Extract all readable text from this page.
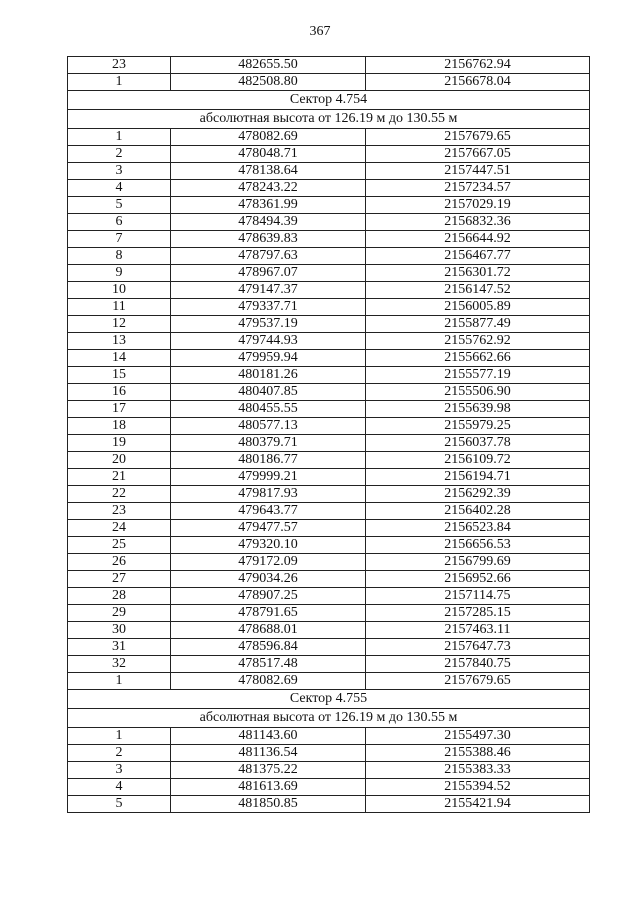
367
23	482655.50	2156762.94
1	482508.80	2156678.04
Сектор 4.754		
абсолютная высота от 126.19 м до 130.55 м		
1	478082.69	2157679.65
2	478048.71	2157667.05
3	478138.64	2157447.51
4	478243.22	2157234.57
5	478361.99	2157029.19
6	478494.39	2156832.36
7	478639.83	2156644.92
8	478797.63	2156467.77
9	478967.07	2156301.72
10	479147.37	2156147.52
11	479337.71	2156005.89
12	479537.19	2155877.49
13	479744.93	2155762.92
14	479959.94	2155662.66
15	480181.26	2155577.19
16	480407.85	2155506.90
17	480455.55	2155639.98
18	480577.13	2155979.25
19	480379.71	2156037.78
20	480186.77	2156109.72
21	479999.21	2156194.71
22	479817.93	2156292.39
23	479643.77	2156402.28
24	479477.57	2156523.84
25	479320.10	2156656.53
26	479172.09	2156799.69
27	479034.26	2156952.66
28	478907.25	2157114.75
29	478791.65	2157285.15
30	478688.01	2157463.11
31	478596.84	2157647.73
32	478517.48	2157840.75
1	478082.69	2157679.65
Сектор 4.755		
абсолютная высота от 126.19 м до 130.55 м		
1	481143.60	2155497.30
2	481136.54	2155388.46
3	481375.22	2155383.33
4	481613.69	2155394.52
5	481850.85	2155421.94
